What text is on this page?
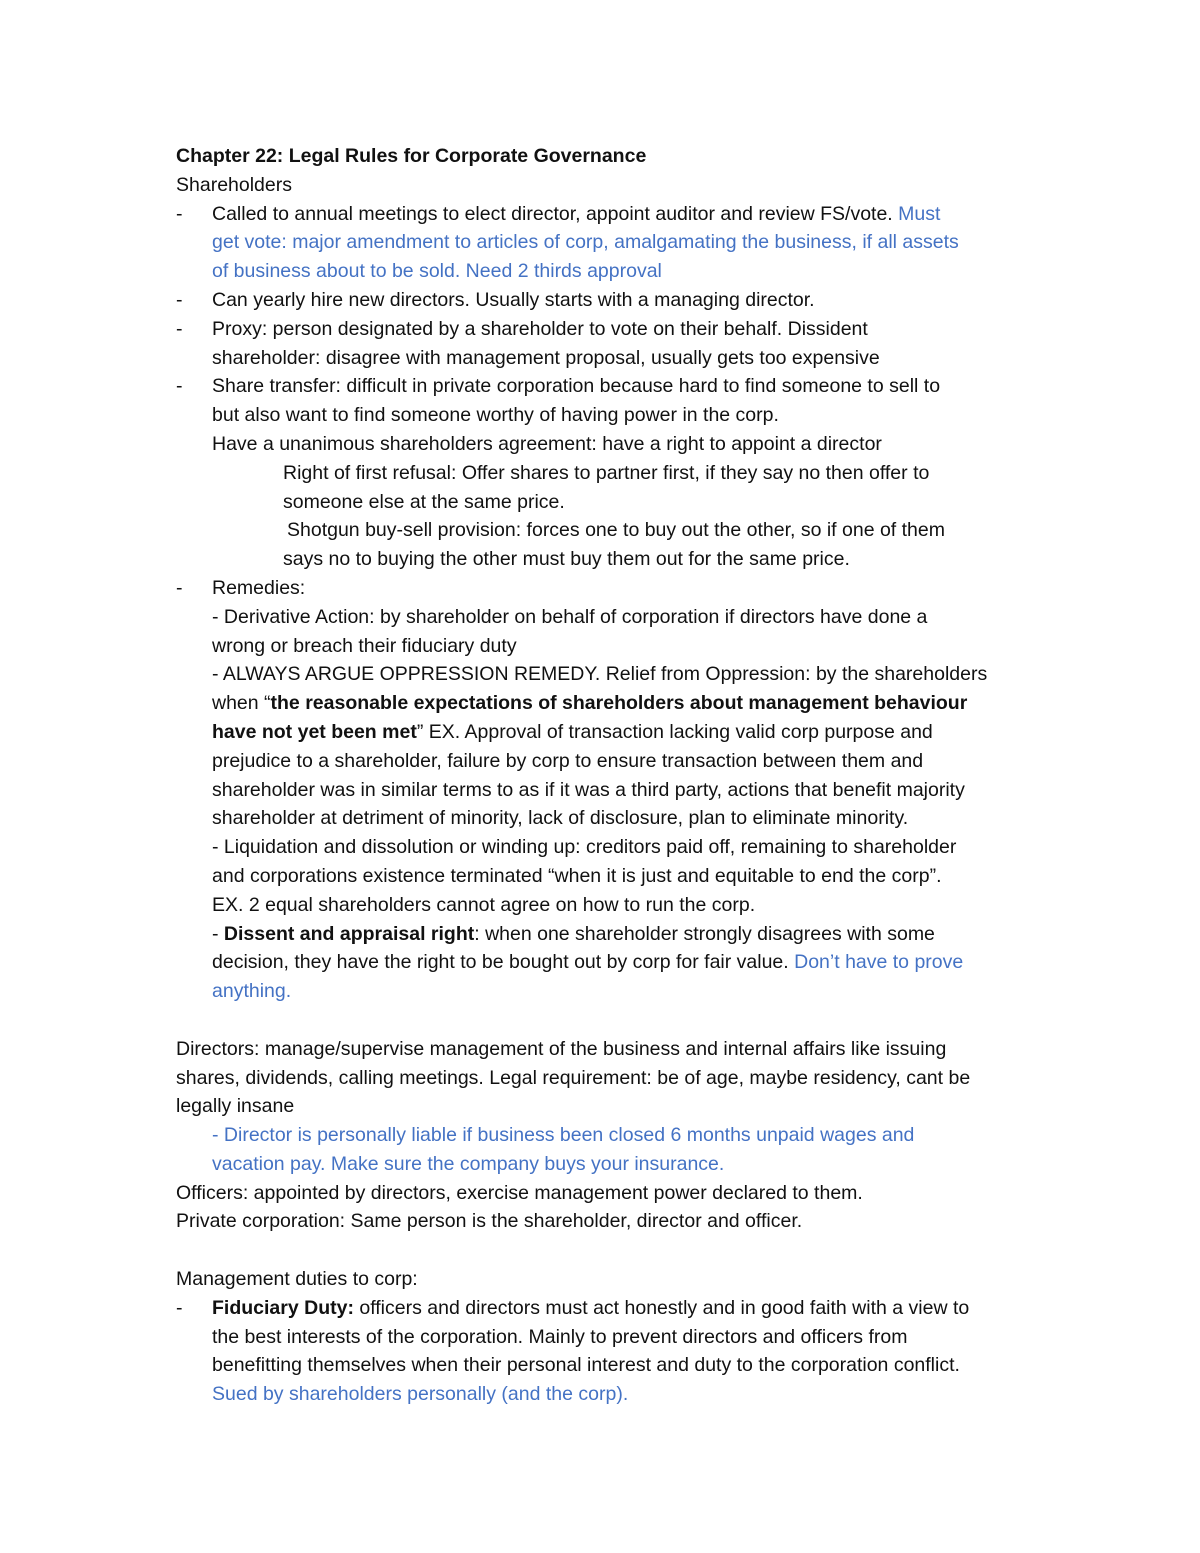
Chapter 22: Legal Rules for Corporate Governance
Shareholders
-	Called to annual meetings to elect director, appoint auditor and review FS/vote. Must
get vote: major amendment to articles of corp, amalgamating the business, if all assets
of business about to be sold. Need 2 thirds approval
-	Can yearly hire new directors. Usually starts with a managing director.
-	Proxy: person designated by a shareholder to vote on their behalf. Dissident
shareholder: disagree with management proposal, usually gets too expensive
-	Share transfer: difficult in private corporation because hard to find someone to sell to
but also want to find someone worthy of having power in the corp.
Have a unanimous shareholders agreement: have a right to appoint a director
Right of first refusal: Offer shares to partner first, if they say no then offer to
someone else at the same price.
Shotgun buy-sell provision: forces one to buy out the other, so if one of them
says no to buying the other must buy them out for the same price.
-	Remedies:
- Derivative Action: by shareholder on behalf of corporation if directors have done a
wrong or breach their fiduciary duty
- ALWAYS ARGUE OPPRESSION REMEDY. Relief from Oppression: by the shareholders
when “the reasonable expectations of shareholders about management behaviour
have not yet been met” EX. Approval of transaction lacking valid corp purpose and
prejudice to a shareholder, failure by corp to ensure transaction between them and
shareholder was in similar terms to as if it was a third party, actions that benefit majority
shareholder at detriment of minority, lack of disclosure, plan to eliminate minority.
- Liquidation and dissolution or winding up: creditors paid off, remaining to shareholder
and corporations existence terminated “when it is just and equitable to end the corp”.
EX. 2 equal shareholders cannot agree on how to run the corp.
- Dissent and appraisal right: when one shareholder strongly disagrees with some
decision, they have the right to be bought out by corp for fair value. Don’t have to prove
anything.
Directors: manage/supervise management of the business and internal affairs like issuing
shares, dividends, calling meetings. Legal requirement: be of age, maybe residency, cant be
legally insane
- Director is personally liable if business been closed 6 months unpaid wages and
vacation pay. Make sure the company buys your insurance.
Officers: appointed by directors, exercise management power declared to them.
Private corporation: Same person is the shareholder, director and officer.
Management duties to corp:
-	Fiduciary Duty: officers and directors must act honestly and in good faith with a view to
the best interests of the corporation. Mainly to prevent directors and officers from
benefitting themselves when their personal interest and duty to the corporation conflict.
Sued by shareholders personally (and the corp).
